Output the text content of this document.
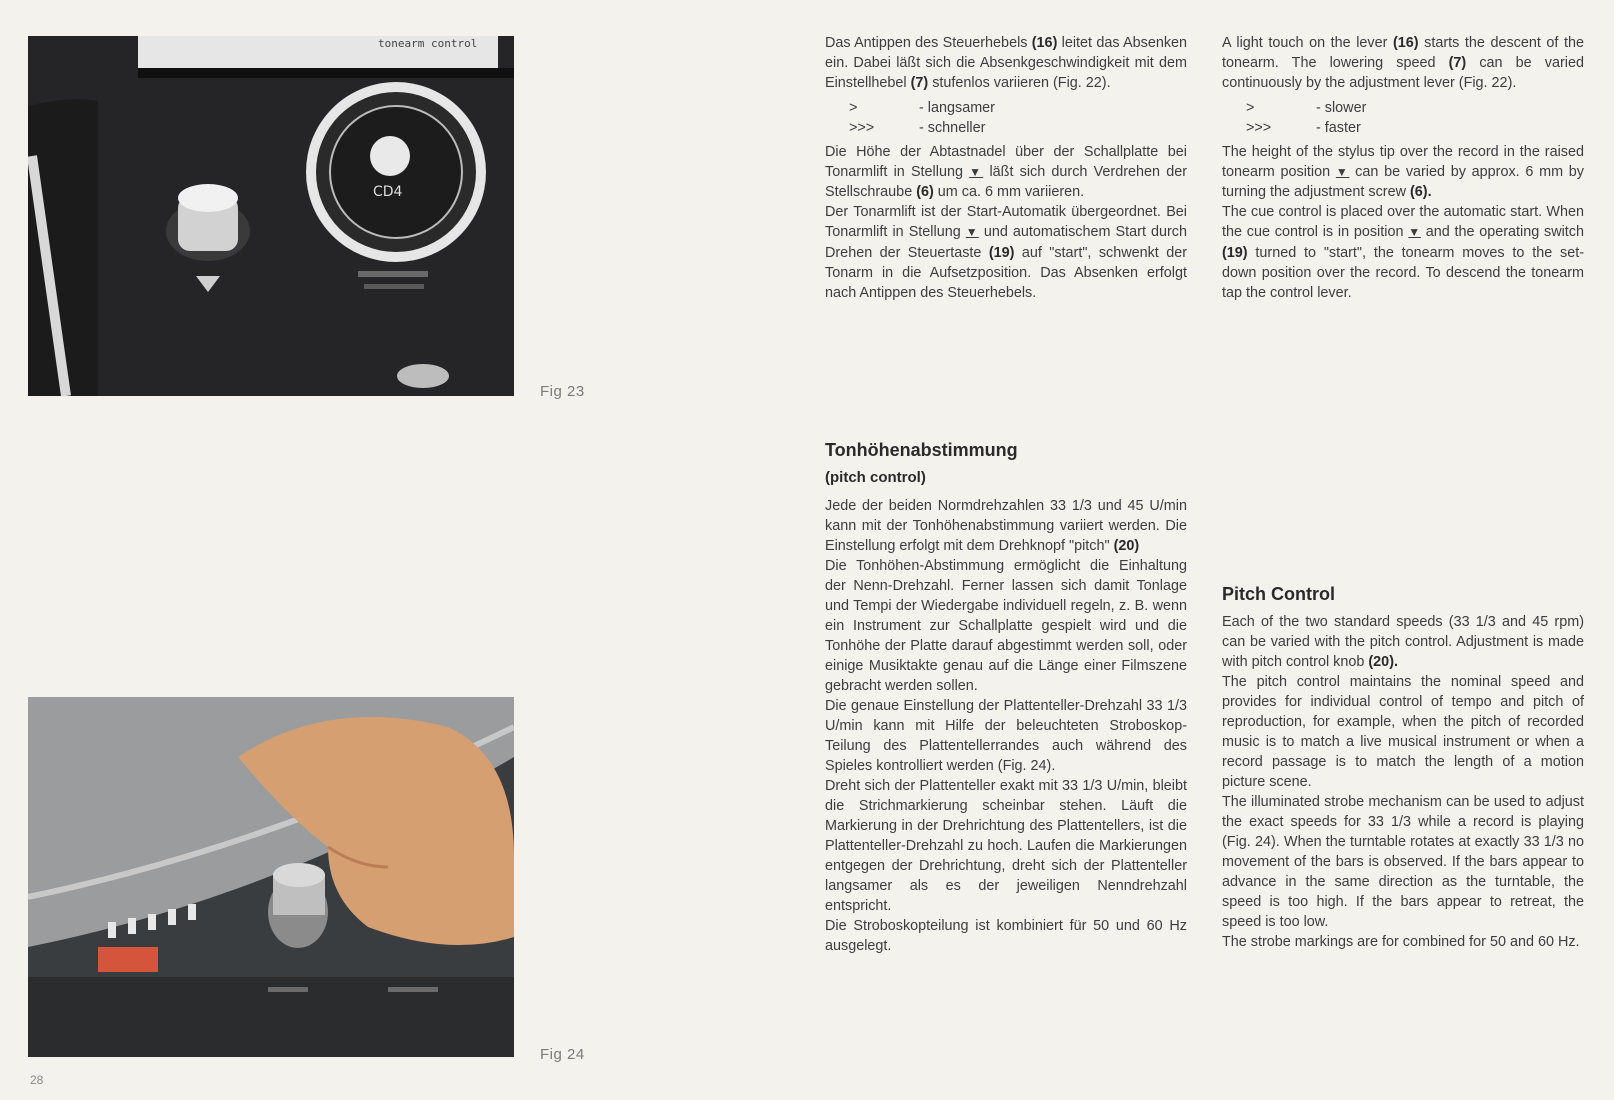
tonearm control
CD4
Fig 23
Fig 24
28

Das Antippen des Steuerhebels (16) leitet das Absenken ein. Dabei läßt sich die Absenkgeschwindigkeit mit dem Einstellhebel (7) stufenlos variieren (Fig. 22).

>	- langsamer
>>>	- schneller

Die Höhe der Abtastnadel über der Schallplatte bei Tonarmlift in Stellung ▼ läßt sich durch Verdrehen der Stellschraube (6) um ca. 6 mm variieren.

Der Tonarmlift ist der Start-Automatik übergeordnet. Bei Tonarmlift in Stellung ▼ und automatischem Start durch Drehen der Steuertaste (19) auf "start", schwenkt der Tonarm in die Aufsetzposition. Das Absenken erfolgt nach Antippen des Steuerhebels.

A light touch on the lever (16) starts the descent of the tonearm. The lowering speed (7) can be varied continuously by the adjustment lever (Fig. 22).

>	- slower
>>>	- faster

The height of the stylus tip over the record in the raised tonearm position ▼ can be varied by approx. 6 mm by turning the adjustment screw (6).

The cue control is placed over the automatic start. When the cue control is in position ▼ and the operating switch (19) turned to "start", the tonearm moves to the set-down position over the record. To descend the tonearm tap the control lever.

Tonhöhenabstimmung
(pitch control)

Jede der beiden Normdrehzahlen 33 1/3 und 45 U/min kann mit der Tonhöhenabstimmung variiert werden. Die Einstellung erfolgt mit dem Drehknopf "pitch" (20)

Die Tonhöhen-Abstimmung ermöglicht die Einhaltung der Nenn-Drehzahl. Ferner lassen sich damit Tonlage und Tempi der Wiedergabe individuell regeln, z. B. wenn ein Instrument zur Schallplatte gespielt wird und die Tonhöhe der Platte darauf abgestimmt werden soll, oder einige Musiktakte genau auf die Länge einer Filmszene gebracht werden sollen.

Die genaue Einstellung der Plattenteller-Drehzahl 33 1/3 U/min kann mit Hilfe der beleuchteten Stroboskop-Teilung des Plattentellerrandes auch während des Spieles kontrolliert werden (Fig. 24).

Dreht sich der Plattenteller exakt mit 33 1/3 U/min, bleibt die Strichmarkierung scheinbar stehen. Läuft die Markierung in der Drehrichtung des Plattentellers, ist die Plattenteller-Drehzahl zu hoch. Laufen die Markierungen entgegen der Drehrichtung, dreht sich der Plattenteller langsamer als es der jeweiligen Nenndrehzahl entspricht.

Die Stroboskopteilung ist kombiniert für 50 und 60 Hz ausgelegt.

Pitch Control

Each of the two standard speeds (33 1/3 and 45 rpm) can be varied with the pitch control. Adjustment is made with pitch control knob (20).

The pitch control maintains the nominal speed and provides for individual control of tempo and pitch of reproduction, for example, when the pitch of recorded music is to match a live musical instrument or when a record passage is to match the length of a motion picture scene.

The illuminated strobe mechanism can be used to adjust the exact speeds for 33 1/3 while a record is playing (Fig. 24). When the turntable rotates at exactly 33 1/3 no movement of the bars is observed. If the bars appear to advance in the same direction as the turntable, the speed is too high. If the bars appear to retreat, the speed is too low.

The strobe markings are for combined for 50 and 60 Hz.
